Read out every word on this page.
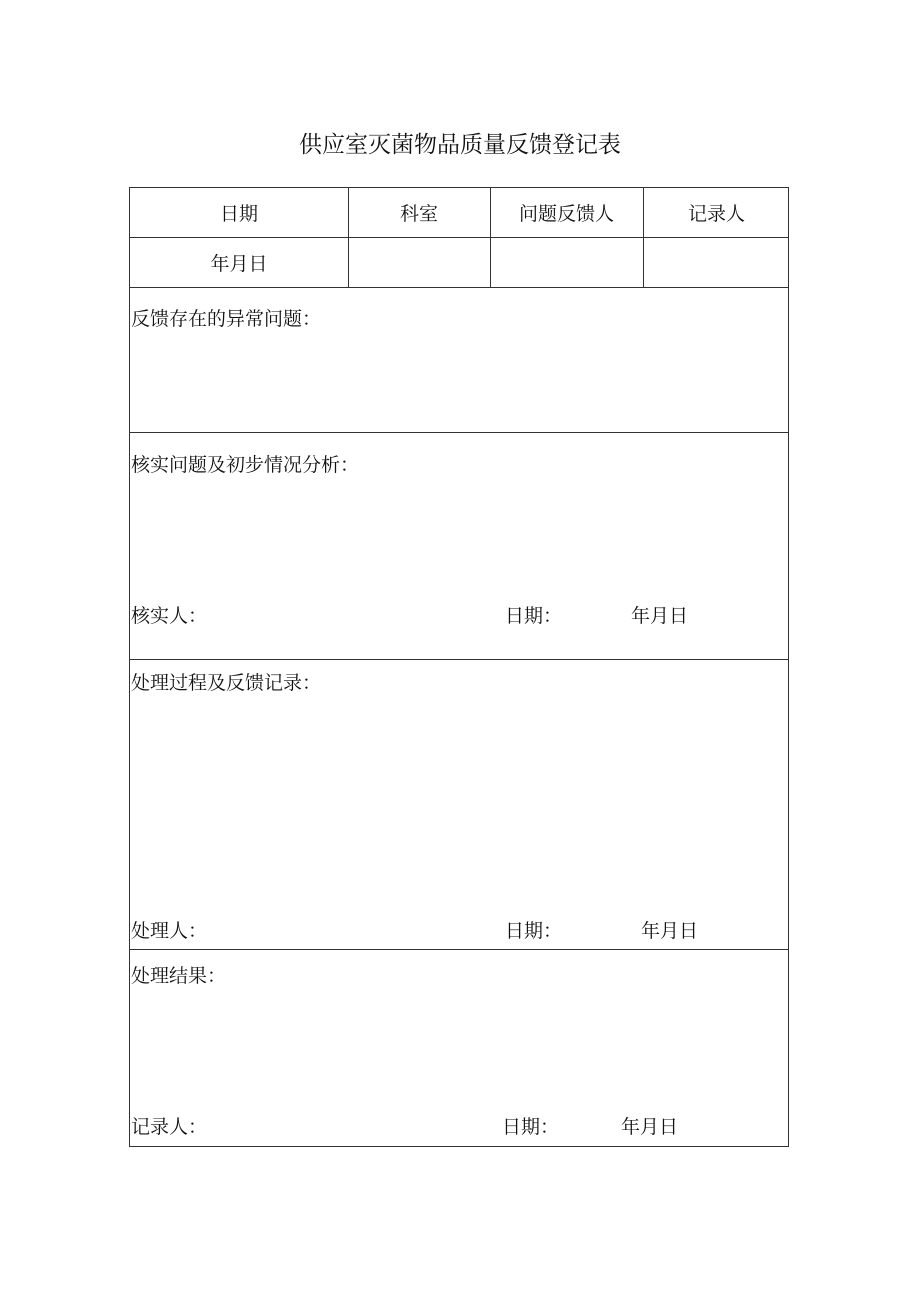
供应室灭菌物品质量反馈登记表
日期	科室	问题反馈人	记录人
年月日
反馈存在的异常问题：
核实问题及初步情况分析：
核实人：	日期：	年月日
处理过程及反馈记录：
处理人：	日期：	年月日
处理结果：
记录人：	日期：	年月日
